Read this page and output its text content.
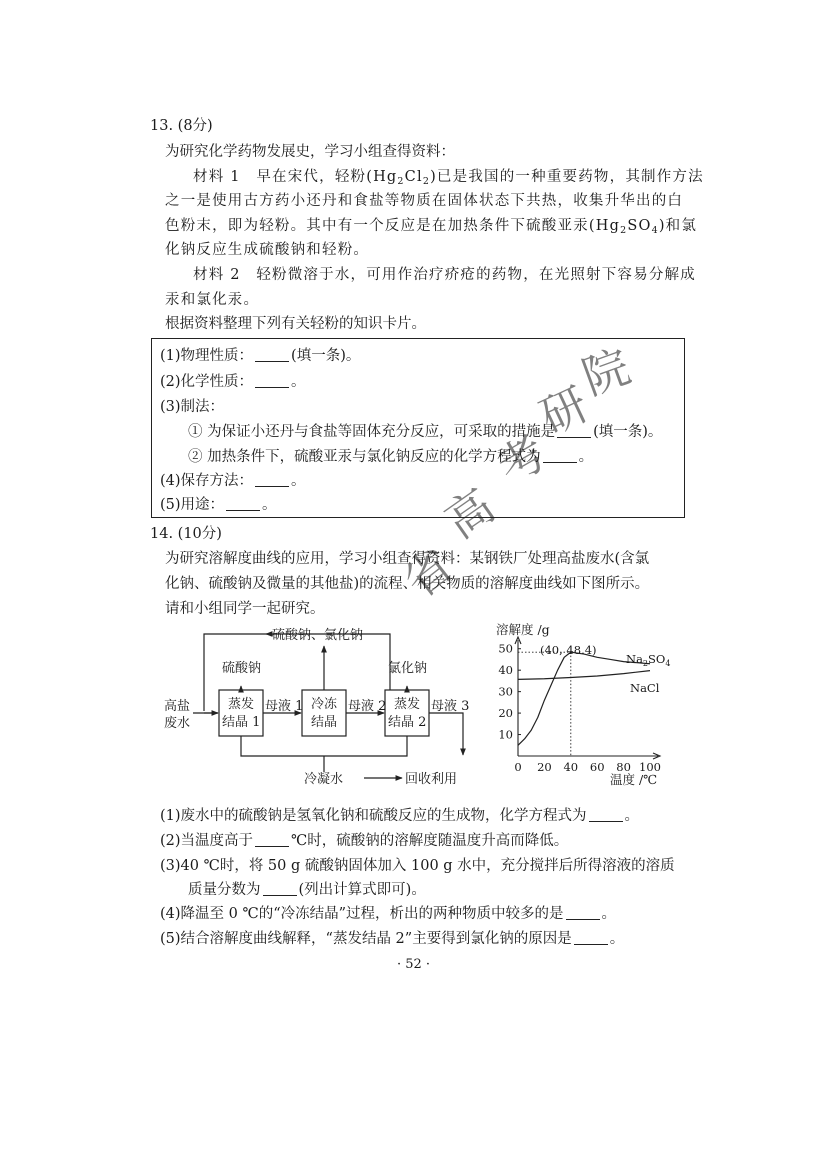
13. (8分)
为研究化学药物发展史，学习小组查得资料：
材料 1　早在宋代，轻粉$(Hg_2Cl_2)$已是我国的一种重要药物，其制作方法
之一是使用古方药小还丹和食盐等物质在固体状态下共热，收集升华出的白
色粉末，即为轻粉。其中有一个反应是在加热条件下硫酸亚汞$(Hg_2SO_4)$和氯
化钠反应生成硫酸钠和轻粉。
材料 2　轻粉微溶于水，可用作治疗疥疮的药物，在光照射下容易分解成
汞和氯化汞。
根据资料整理下列有关轻粉的知识卡片。
(1)物理性质：	(填一条)。
(2)化学性质：	。
(3)制法：
① 为保证小还丹与食盐等固体充分反应，可采取的措施是	(填一条)。
② 加热条件下，硫酸亚汞与氯化钠反应的化学方程式为	。
(4)保存方法：	。
(5)用途：	。
14. (10分)
为研究溶解度曲线的应用，学习小组查得资料：某钢铁厂处理高盐废水(含氯
化钠、硫酸钠及微量的其他盐)的流程、相关物质的溶解度曲线如下图所示。
请和小组同学一起研究。
硫酸钠、氯化钠
硫酸钠	氯化钠
高盐
废水
蒸发
结晶 1
冷冻
结晶
蒸发
结晶 2
母液 1	母液 2	母液 3
冷凝水	回收利用
溶解度 /g
温度 /℃
0 20 40 60 80 100
10
20
30
40
50 (40, 48.4)
$Na_2SO_4$
NaCl
(1)废水中的硫酸钠是氢氧化钠和硫酸反应的生成物，化学方程式为	。
(2)当温度高于	℃时，硫酸钠的溶解度随温度升高而降低。
(3)40 ℃时，将 50 g 硫酸钠固体加入 100 g 水中，充分搅拌后所得溶液的溶质
质量分数为	(列出计算式即可)。
(4)降温至 0 ℃的“冷冻结晶”过程，析出的两种物质中较多的是	。
(5)结合溶解度曲线解释，“蒸发结晶 2”主要得到氯化钠的原因是	。
· 52 ·
省
高
考
研
院
